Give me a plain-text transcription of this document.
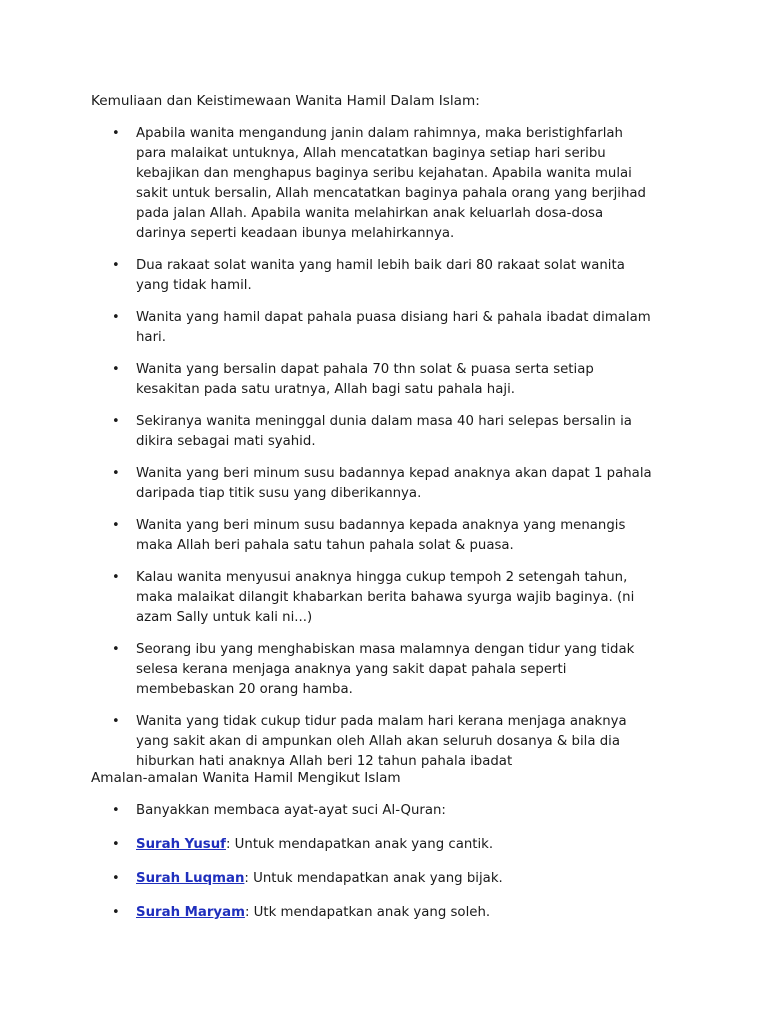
Kemuliaan dan Keistimewaan Wanita Hamil Dalam Islam:
•	Apabila wanita mengandung janin dalam rahimnya, maka beristighfarlah para malaikat untuknya, Allah mencatatkan baginya setiap hari seribu kebajikan dan menghapus baginya seribu kejahatan. Apabila wanita mulai sakit untuk bersalin, Allah mencatatkan baginya pahala orang yang berjihad pada jalan Allah. Apabila wanita melahirkan anak keluarlah dosa-dosa darinya seperti keadaan ibunya melahirkannya.
•	Dua rakaat solat wanita yang hamil lebih baik dari 80 rakaat solat wanita yang tidak hamil.
•	Wanita yang hamil dapat pahala puasa disiang hari & pahala ibadat dimalam hari.
•	Wanita yang bersalin dapat pahala 70 thn solat & puasa serta setiap kesakitan pada satu uratnya, Allah bagi satu pahala haji.
•	Sekiranya wanita meninggal dunia dalam masa 40 hari selepas bersalin ia dikira sebagai mati syahid.
•	Wanita yang beri minum susu badannya kepad anaknya akan dapat 1 pahala daripada tiap titik susu yang diberikannya.
•	Wanita yang beri minum susu badannya kepada anaknya yang menangis maka Allah beri pahala satu tahun pahala solat & puasa.
•	Kalau wanita menyusui anaknya hingga cukup tempoh 2 setengah tahun, maka malaikat dilangit khabarkan berita bahawa syurga wajib baginya. (ni azam Sally untuk kali ni...)
•	Seorang ibu yang menghabiskan masa malamnya dengan tidur yang tidak selesa kerana menjaga anaknya yang sakit dapat pahala seperti membebaskan 20 orang hamba.
•	Wanita yang tidak cukup tidur pada malam hari kerana menjaga anaknya yang sakit akan di ampunkan oleh Allah akan seluruh dosanya & bila dia hiburkan hati anaknya Allah beri 12 tahun pahala ibadat
Amalan-amalan Wanita Hamil Mengikut Islam
•	Banyakkan membaca ayat-ayat suci Al-Quran:
•	Surah Yusuf: Untuk mendapatkan anak yang cantik.
•	Surah Luqman: Untuk mendapatkan anak yang bijak.
•	Surah Maryam: Utk mendapatkan anak yang soleh.
